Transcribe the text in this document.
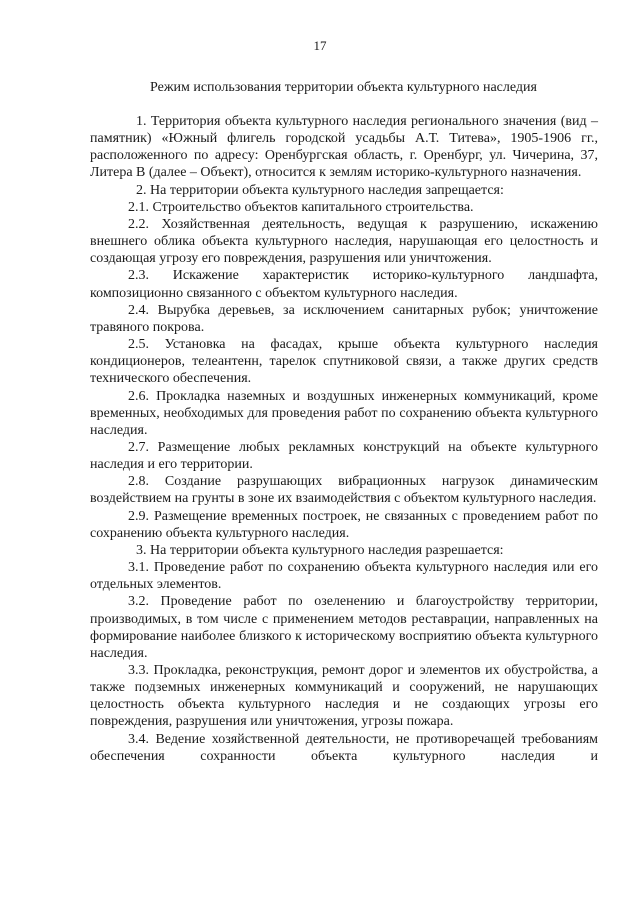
17
Режим использования территории объекта культурного наследия

1. Территория объекта культурного наследия регионального значения (вид – памятник) «Южный флигель городской усадьбы А.Т. Титева», 1905-1906 гг., расположенного по адресу: Оренбургская область, г. Оренбург, ул. Чичерина, 37, Литера В (далее – Объект), относится к землям историко-культурного назначения.

2. На территории объекта культурного наследия запрещается:

2.1. Строительство объектов капитального строительства.

2.2. Хозяйственная деятельность, ведущая к разрушению, искажению внешнего облика объекта культурного наследия, нарушающая его целостность и создающая угрозу его повреждения, разрушения или уничтожения.

2.3. Искажение характеристик историко-культурного ландшафта, композиционно связанного с объектом культурного наследия.

2.4. Вырубка деревьев, за исключением санитарных рубок; уничтожение травяного покрова.

2.5. Установка на фасадах, крыше объекта культурного наследия кондиционеров, телеантенн, тарелок спутниковой связи, а также других средств технического обеспечения.

2.6. Прокладка наземных и воздушных инженерных коммуникаций, кроме временных, необходимых для проведения работ по сохранению объекта культурного наследия.

2.7. Размещение любых рекламных конструкций на объекте культурного наследия и его территории.

2.8. Создание разрушающих вибрационных нагрузок динамическим воздействием на грунты в зоне их взаимодействия с объектом культурного наследия.

2.9. Размещение временных построек, не связанных с проведением работ по сохранению объекта культурного наследия.

3. На территории объекта культурного наследия разрешается:

3.1. Проведение работ по сохранению объекта культурного наследия или его отдельных элементов.

3.2. Проведение работ по озеленению и благоустройству территории, производимых, в том числе с применением методов реставрации, направленных на формирование наиболее близкого к историческому восприятию объекта культурного наследия.

3.3. Прокладка, реконструкция, ремонт дорог и элементов их обустройства, а также подземных инженерных коммуникаций и сооружений, не нарушающих целостность объекта культурного наследия и не создающих угрозы его повреждения, разрушения или уничтожения, угрозы пожара.

3.4. Ведение хозяйственной деятельности, не противоречащей требованиям обеспечения сохранности объекта культурного наследия и
